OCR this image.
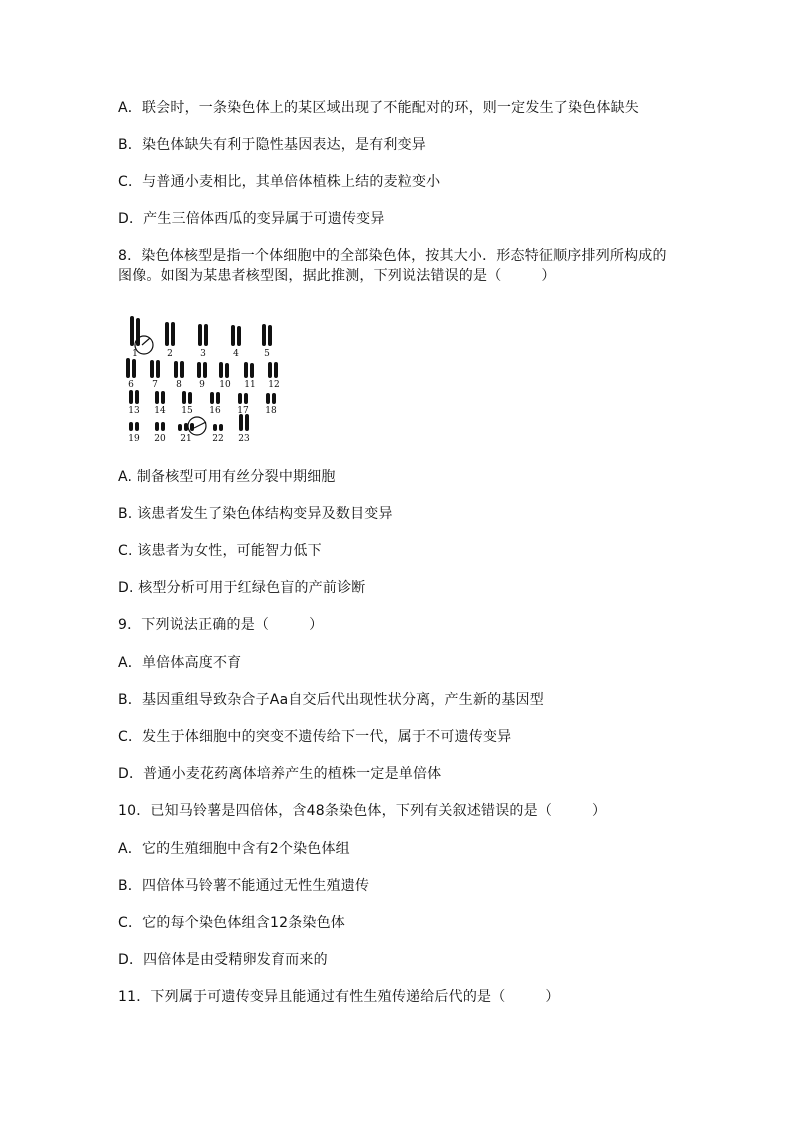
A．联会时，一条染色体上的某区域出现了不能配对的环，则一定发生了染色体缺失

B．染色体缺失有利于隐性基因表达，是有利变异

C．与普通小麦相比，其单倍体植株上结的麦粒变小

D．产生三倍体西瓜的变异属于可遗传变异

8．染色体核型是指一个体细胞中的全部染色体，按其大小．形态特征顺序排列所构成的图像。如图为某患者核型图，据此推测，下列说法错误的是（	）

1	2	3	4	5
6 7 8 9 10 11 12
13 14 15 16 17 18
19 20 21 22 23

A. 制备核型可用有丝分裂中期细胞

B. 该患者发生了染色体结构变异及数目变异

C. 该患者为女性，可能智力低下

D. 核型分析可用于红绿色盲的产前诊断

9．下列说法正确的是（	）

A．单倍体高度不育

B．基因重组导致杂合子Aa自交后代出现性状分离，产生新的基因型

C．发生于体细胞中的突变不遗传给下一代，属于不可遗传变异

D．普通小麦花药离体培养产生的植株一定是单倍体

10．已知马铃薯是四倍体，含48条染色体，下列有关叙述错误的是（	）

A．它的生殖细胞中含有2个染色体组

B．四倍体马铃薯不能通过无性生殖遗传

C．它的每个染色体组含12条染色体

D．四倍体是由受精卵发育而来的

11．下列属于可遗传变异且能通过有性生殖传递给后代的是（	）
